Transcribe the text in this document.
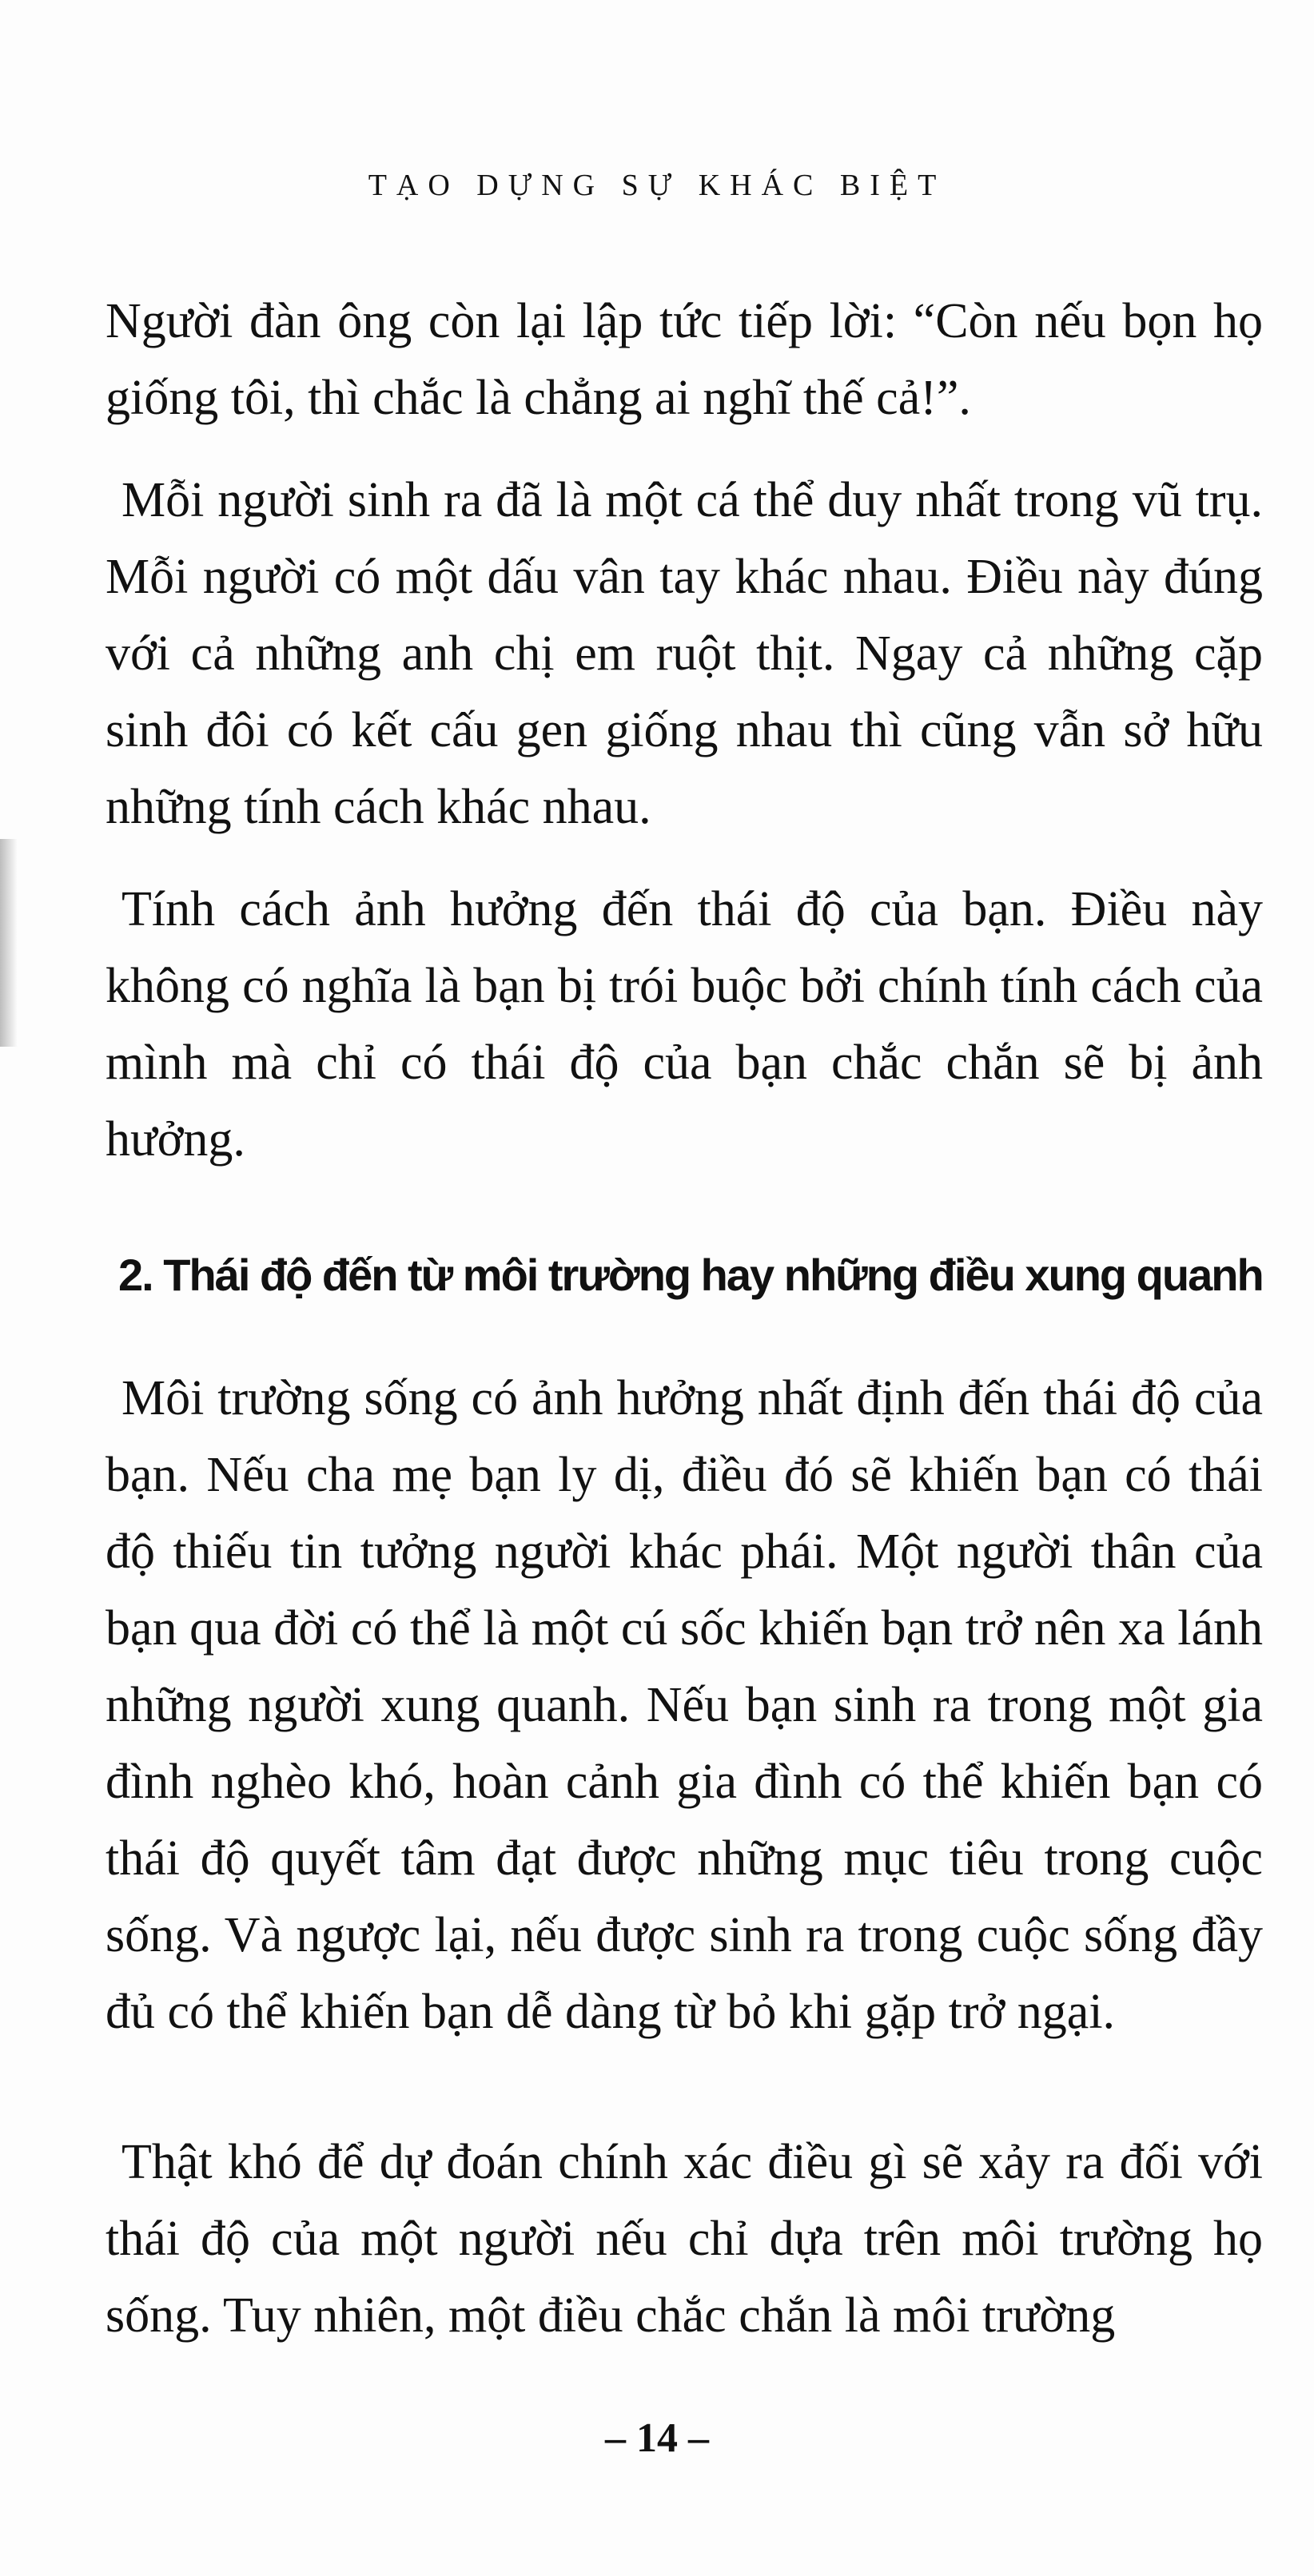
TẠO DỰNG SỰ KHÁC BIỆT
Người đàn ông còn lại lập tức tiếp lời: “Còn nếu bọn họ giống tôi, thì chắc là chẳng ai nghĩ thế cả!”.
Mỗi người sinh ra đã là một cá thể duy nhất trong vũ trụ. Mỗi người có một dấu vân tay khác nhau. Điều này đúng với cả những anh chị em ruột thịt. Ngay cả những cặp sinh đôi có kết cấu gen giống nhau thì cũng vẫn sở hữu những tính cách khác nhau.
Tính cách ảnh hưởng đến thái độ của bạn. Điều này không có nghĩa là bạn bị trói buộc bởi chính tính cách của mình mà chỉ có thái độ của bạn chắc chắn sẽ bị ảnh hưởng.
2. Thái độ đến từ môi trường hay những điều xung quanh
Môi trường sống có ảnh hưởng nhất định đến thái độ của bạn. Nếu cha mẹ bạn ly dị, điều đó sẽ khiến bạn có thái độ thiếu tin tưởng người khác phái. Một người thân của bạn qua đời có thể là một cú sốc khiến bạn trở nên xa lánh những người xung quanh. Nếu bạn sinh ra trong một gia đình nghèo khó, hoàn cảnh gia đình có thể khiến bạn có thái độ quyết tâm đạt được những mục tiêu trong cuộc sống. Và ngược lại, nếu được sinh ra trong cuộc sống đầy đủ có thể khiến bạn dễ dàng từ bỏ khi gặp trở ngại.
Thật khó để dự đoán chính xác điều gì sẽ xảy ra đối với thái độ của một người nếu chỉ dựa trên môi trường họ sống. Tuy nhiên, một điều chắc chắn là môi trường
– 14 –
